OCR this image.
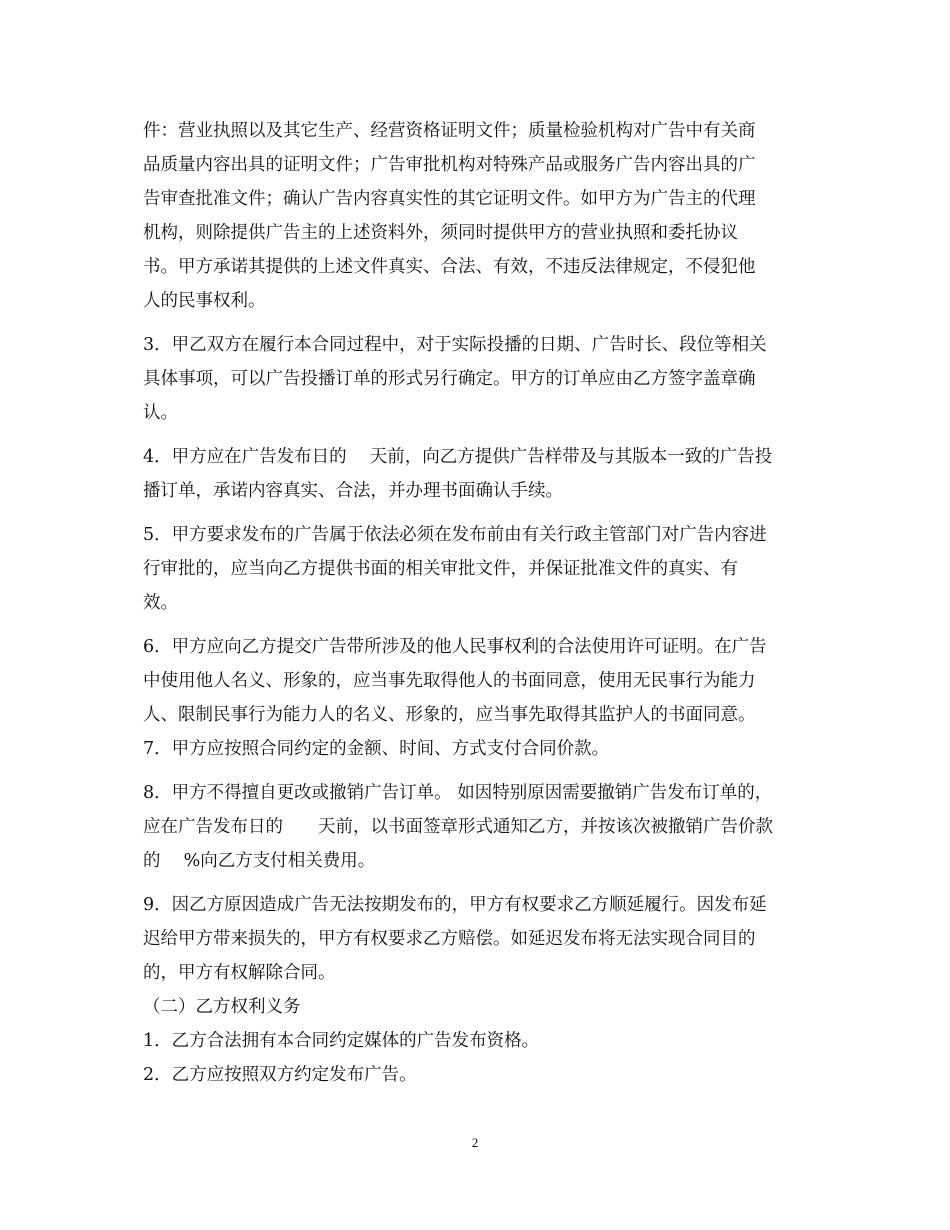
件：营业执照以及其它生产、经营资格证明文件；质量检验机构对广告中有关商
品质量内容出具的证明文件；广告审批机构对特殊产品或服务广告内容出具的广
告审查批准文件；确认广告内容真实性的其它证明文件。如甲方为广告主的代理
机构，则除提供广告主的上述资料外，须同时提供甲方的营业执照和委托协议
书。甲方承诺其提供的上述文件真实、合法、有效，不违反法律规定，不侵犯他
人的民事权利。
3．甲乙双方在履行本合同过程中，对于实际投播的日期、广告时长、段位等相关
具体事项，可以广告投播订单的形式另行确定。甲方的订单应由乙方签字盖章确
认。
4．甲方应在广告发布日的　 天前，向乙方提供广告样带及与其版本一致的广告投
播订单，承诺内容真实、合法，并办理书面确认手续。
5．甲方要求发布的广告属于依法必须在发布前由有关行政主管部门对广告内容进
行审批的，应当向乙方提供书面的相关审批文件，并保证批准文件的真实、有
效。
6．甲方应向乙方提交广告带所涉及的他人民事权利的合法使用许可证明。在广告
中使用他人名义、形象的，应当事先取得他人的书面同意，使用无民事行为能力
人、限制民事行为能力人的名义、形象的，应当事先取得其监护人的书面同意。
7．甲方应按照合同约定的金额、时间、方式支付合同价款。
8．甲方不得擅自更改或撤销广告订单。 如因特别原因需要撤销广告发布订单的，
应在广告发布日的　　天前，以书面签章形式通知乙方，并按该次被撤销广告价款
的　 %向乙方支付相关费用。
9．因乙方原因造成广告无法按期发布的，甲方有权要求乙方顺延履行。因发布延
迟给甲方带来损失的，甲方有权要求乙方赔偿。如延迟发布将无法实现合同目的
的，甲方有权解除合同。
（二）乙方权利义务
1．乙方合法拥有本合同约定媒体的广告发布资格。
2．乙方应按照双方约定发布广告。
2
